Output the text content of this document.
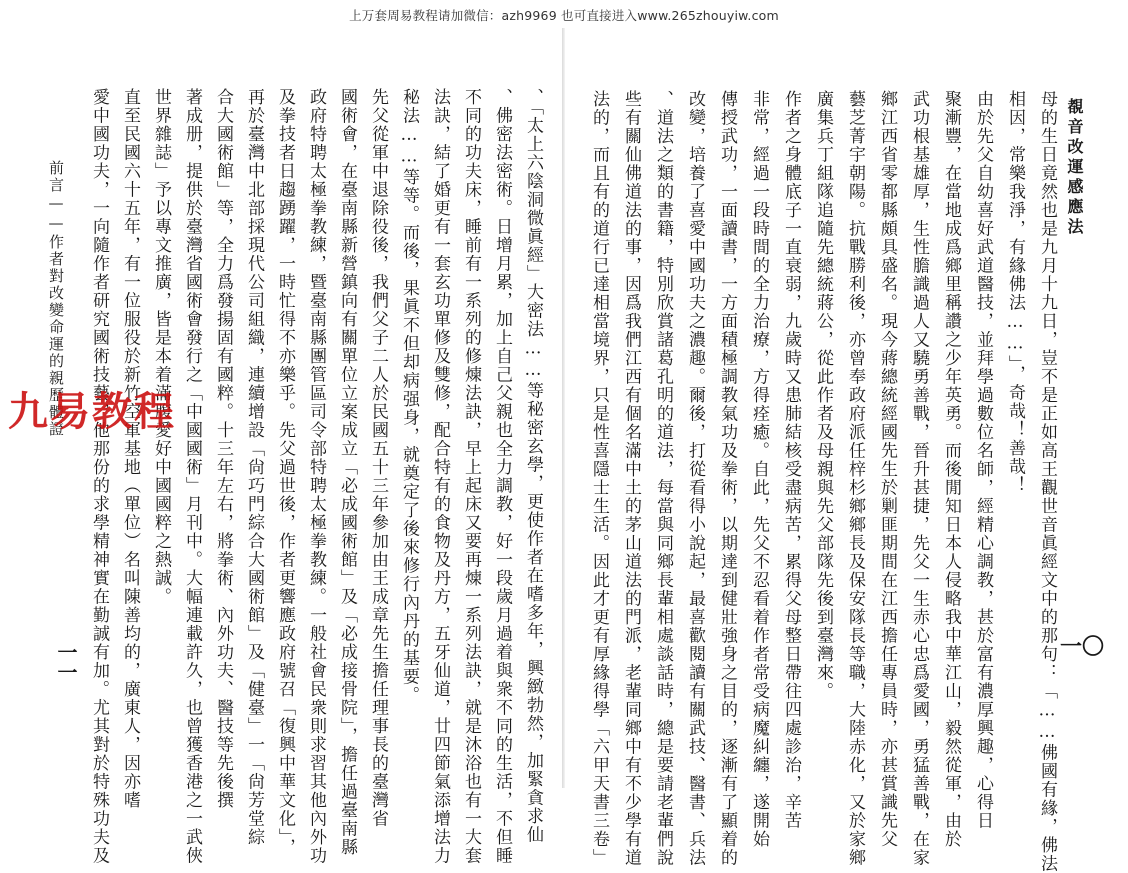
上万套周易教程请加微信：azh9969 也可直接进入www.265zhouyiw.com
覩音改運感應法
一〇
母的生日竟然也是九月十九日，豈不是正如高王觀世音眞經文中的那句：「……佛國有緣，佛法
相因，常樂我淨，有緣佛法……」，奇哉！善哉！
由於先父自幼喜好武道醫技，並拜學過數位名師，經精心調教，甚於富有濃厚興趣，心得日
聚漸豐，在當地成爲鄉里稱讚之少年英勇。而後閒知日本人侵略我中華江山，毅然從軍，由於
武功根基雄厚，生性膽識過人又驍勇善戰，晉升甚捷，先父一生赤心忠爲愛國，勇猛善戰，在家
鄉江西省零都縣頗具盛名。現今蔣總統經國先生於剿匪期間在江西擔任專員時，亦甚賞識先父
藝芝菁宇朝陽。抗戰勝利後，亦曾奉政府派任梓杉鄉鄉長及保安隊長等職，大陸赤化，又於家鄉
廣集兵丁組隊追隨先總統蔣公，從此作者及母親與先父部隊先後到臺灣來。
作者之身體底子一直衰弱，九歲時又患肺結核受盡病苦，累得父母整日帶往四處診治，辛苦
非常，經過一段時間的全力治療，方得痊癒。自此，先父不忍看着作者常受病魔糾纏，遂開始
傳授武功，一面讀書，一方面積極調教氣功及拳術，以期達到健壯強身之目的，逐漸有了顯着的
改變，培養了喜愛中國功夫之濃趣。爾後，打從看得小說起，最喜歡閱讀有關武技、醫書、兵法
、道法之類的書籍，特別欣賞諸葛孔明的道法，每當與同鄉長輩相處談話時，總是要請老輩們說
些有關仙佛道法的事，因爲我們江西有個名滿中土的茅山道法的門派，老輩同鄉中有不少學有道
法的，而且有的道行已達相當境界，只是性喜隱士生活。因此才更有厚緣得學「六甲天書三卷」
前言——作者對改變命運的親歷體證
一一	、「太上六陰洞微眞經」大密法……等秘密玄學，更使作者在嗜多年，興緻勃然，加緊貪求仙
、佛密法密術。日增月累，加上自己父親也全力調教，好一段歲月過着與衆不同的生活，不但睡
不同的功夫床，睡前有一系列的修煉法訣，早上起床又要再煉一系列法訣，就是沐浴也有一大套
法訣，結了婚更有一套玄功單修及雙修，配合特有的食物及丹方，五牙仙道，廿四節氣添增法力
秘法……等等。而後，果眞不但却病强身，就奠定了後來修行內丹的基要。
先父從軍中退除役後，我們父子二人於民國五十三年參加由王成章先生擔任理事長的臺灣省
國術會，在臺南縣新營鎮向有關單位立案成立「必成國術館」及「必成接骨院」，擔任過臺南縣
政府特聘太極拳教練，暨臺南縣團管區司令部特聘太極拳教練。一般社會民衆則求習其他內外功
及拳技者日趨踴躍，一時忙得不亦樂乎。先父過世後，作者更響應政府號召「復興中華文化」，
再於臺灣中北部採現代公司組織，連續增設「尙巧門綜合大國術館」及「健臺」一「尙芳堂綜
合大國術館」等，全力爲發揚固有國粹。十三年左右，將拳術、內外功夫、醫技等先後撰
著成册，提供於臺灣省國術會發行之「中國國術」月刊中。大幅連載許久，也曾獲香港之一武俠
世界雜誌」予以專文推廣，皆是本着滿腹愛好中國國粹之熱誠。
直至民國六十五年，有一位服役於新竹空軍基地（單位）名叫陳善均的，廣東人，因亦嗜
愛中國功夫，一向隨作者研究國術技藝，他那份的求學精神實在勤誠有加。尤其對於特殊功夫及
九易教程
